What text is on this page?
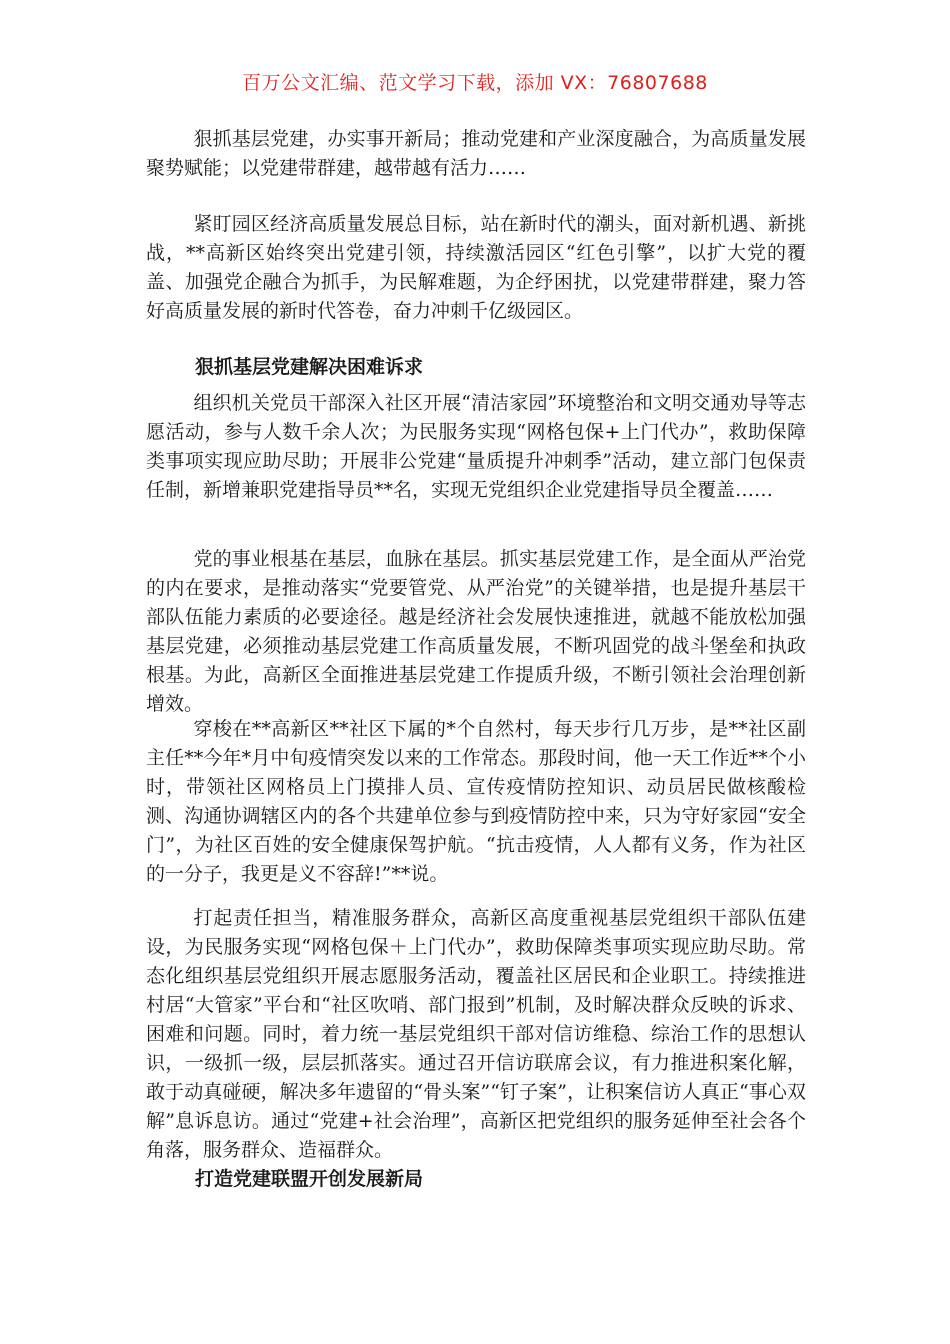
百万公文汇编、范文学习下载，添加 VX：76807688

狠抓基层党建，办实事开新局；推动党建和产业深度融合，为高质量发展聚势赋能；以党建带群建，越带越有活力……

紧盯园区经济高质量发展总目标，站在新时代的潮头，面对新机遇、新挑战，**高新区始终突出党建引领，持续激活园区“红色引擎”，以扩大党的覆盖、加强党企融合为抓手，为民解难题，为企纾困扰，以党建带群建，聚力答好高质量发展的新时代答卷，奋力冲刺千亿级园区。

狠抓基层党建解决困难诉求

组织机关党员干部深入社区开展“清洁家园”环境整治和文明交通劝导等志愿活动，参与人数千余人次；为民服务实现“网格包保+上门代办”，救助保障类事项实现应助尽助；开展非公党建“量质提升冲刺季”活动，建立部门包保责任制，新增兼职党建指导员**名，实现无党组织企业党建指导员全覆盖……

党的事业根基在基层，血脉在基层。抓实基层党建工作，是全面从严治党的内在要求，是推动落实“党要管党、从严治党”的关键举措，也是提升基层干部队伍能力素质的必要途径。越是经济社会发展快速推进，就越不能放松加强基层党建，必须推动基层党建工作高质量发展，不断巩固党的战斗堡垒和执政根基。为此，高新区全面推进基层党建工作提质升级，不断引领社会治理创新增效。

穿梭在**高新区**社区下属的*个自然村，每天步行几万步，是**社区副主任**今年*月中旬疫情突发以来的工作常态。那段时间，他一天工作近**个小时，带领社区网格员上门摸排人员、宣传疫情防控知识、动员居民做核酸检测、沟通协调辖区内的各个共建单位参与到疫情防控中来，只为守好家园“安全门”，为社区百姓的安全健康保驾护航。“抗击疫情，人人都有义务，作为社区的一分子，我更是义不容辞!”**说。

打起责任担当，精准服务群众，高新区高度重视基层党组织干部队伍建设，为民服务实现“网格包保＋上门代办”，救助保障类事项实现应助尽助。常态化组织基层党组织开展志愿服务活动，覆盖社区居民和企业职工。持续推进村居“大管家”平台和“社区吹哨、部门报到”机制，及时解决群众反映的诉求、困难和问题。同时，着力统一基层党组织干部对信访维稳、综治工作的思想认识，一级抓一级，层层抓落实。通过召开信访联席会议，有力推进积案化解，敢于动真碰硬，解决多年遗留的“骨头案”“钉子案”，让积案信访人真正“事心双解”息诉息访。通过“党建+社会治理”，高新区把党组织的服务延伸至社会各个角落，服务群众、造福群众。

打造党建联盟开创发展新局
